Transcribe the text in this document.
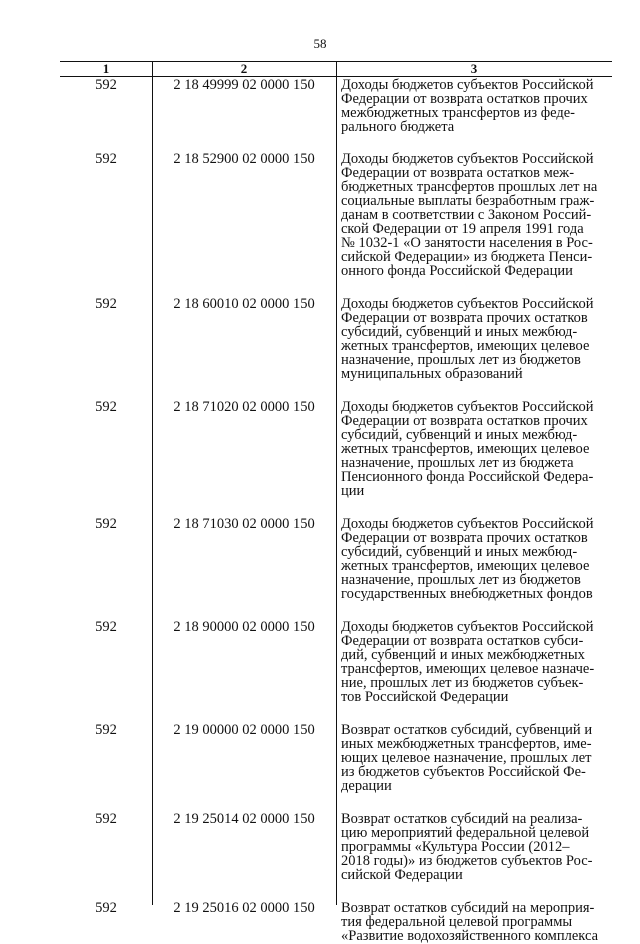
58
1	2	3
592	2 18 49999 02 0000 150	Доходы бюджетов субъектов Российской
Федерации от возврата остатков прочих
межбюджетных трансфертов из феде-
рального бюджета
592	2 18 52900 02 0000 150	Доходы бюджетов субъектов Российской
Федерации от возврата остатков меж-
бюджетных трансфертов прошлых лет на
социальные выплаты безработным граж-
данам в соответствии с Законом Россий-
ской Федерации от 19 апреля 1991 года
№ 1032-1 «О занятости населения в Рос-
сийской Федерации» из бюджета Пенси-
онного фонда Российской Федерации
592	2 18 60010 02 0000 150	Доходы бюджетов субъектов Российской
Федерации от возврата прочих остатков
субсидий, субвенций и иных межбюд-
жетных трансфертов, имеющих целевое
назначение, прошлых лет из бюджетов
муниципальных образований
592	2 18 71020 02 0000 150	Доходы бюджетов субъектов Российской
Федерации от возврата остатков прочих
субсидий, субвенций и иных межбюд-
жетных трансфертов, имеющих целевое
назначение, прошлых лет из бюджета
Пенсионного фонда Российской Федера-
ции
592	2 18 71030 02 0000 150	Доходы бюджетов субъектов Российской
Федерации от возврата прочих остатков
субсидий, субвенций и иных межбюд-
жетных трансфертов, имеющих целевое
назначение, прошлых лет из бюджетов
государственных внебюджетных фондов
592	2 18 90000 02 0000 150	Доходы бюджетов субъектов Российской
Федерации от возврата остатков субси-
дий, субвенций и иных межбюджетных
трансфертов, имеющих целевое назначе-
ние, прошлых лет из бюджетов субъек-
тов Российской Федерации
592	2 19 00000 02 0000 150	Возврат остатков субсидий, субвенций и
иных межбюджетных трансфертов, име-
ющих целевое назначение, прошлых лет
из бюджетов субъектов Российской Фе-
дерации
592	2 19 25014 02 0000 150	Возврат остатков субсидий на реализа-
цию мероприятий федеральной целевой
программы «Культура России (2012–
2018 годы)» из бюджетов субъектов Рос-
сийской Федерации
592	2 19 25016 02 0000 150	Возврат остатков субсидий на мероприя-
тия федеральной целевой программы
«Развитие водохозяйственного комплекса
